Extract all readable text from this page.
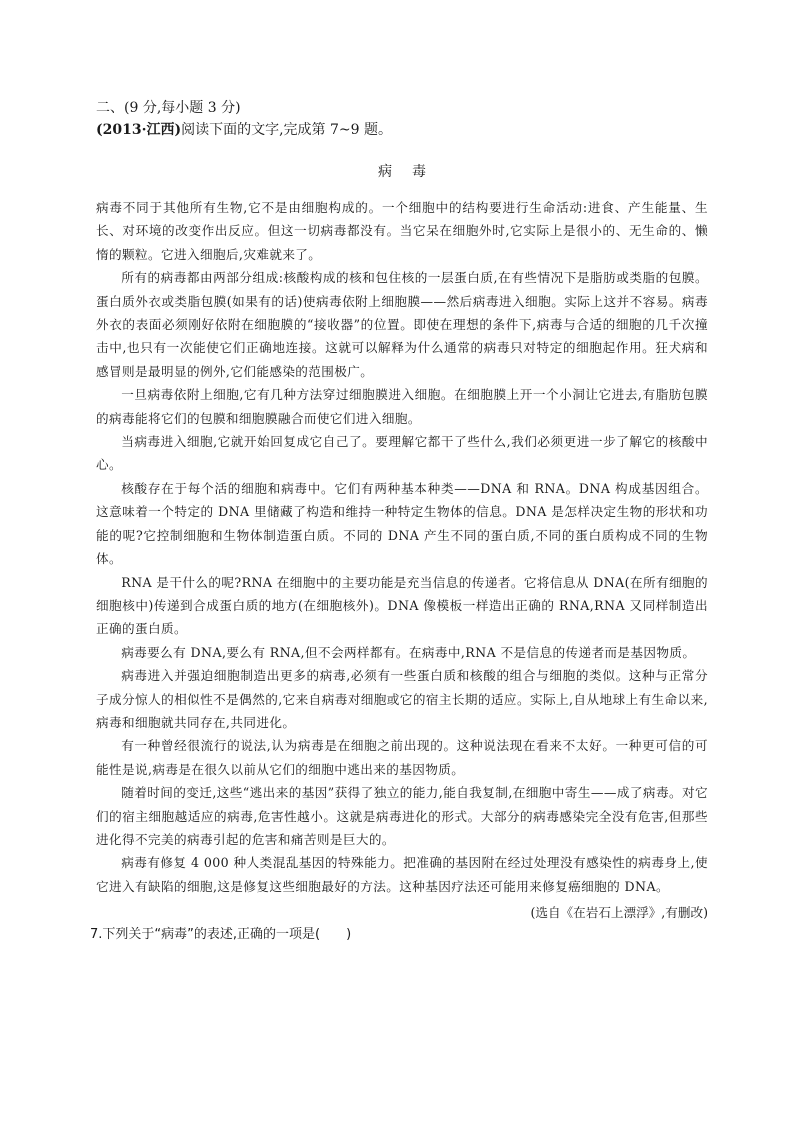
二、(9 分,每小题 3 分)

(2013·江西)阅读下面的文字,完成第 7~9 题。

病毒

病毒不同于其他所有生物,它不是由细胞构成的。一个细胞中的结构要进行生命活动:进食、产生能量、生长、对环境的改变作出反应。但这一切病毒都没有。当它呆在细胞外时,它实际上是很小的、无生命的、懒惰的颗粒。它进入细胞后,灾难就来了。

所有的病毒都由两部分组成:核酸构成的核和包住核的一层蛋白质,在有些情况下是脂肪或类脂的包膜。蛋白质外衣或类脂包膜(如果有的话)使病毒依附上细胞膜——然后病毒进入细胞。实际上这并不容易。病毒外衣的表面必须刚好依附在细胞膜的“接收器”的位置。即使在理想的条件下,病毒与合适的细胞的几千次撞击中,也只有一次能使它们正确地连接。这就可以解释为什么通常的病毒只对特定的细胞起作用。狂犬病和感冒则是最明显的例外,它们能感染的范围极广。

一旦病毒依附上细胞,它有几种方法穿过细胞膜进入细胞。在细胞膜上开一个小洞让它进去,有脂肪包膜的病毒能将它们的包膜和细胞膜融合而使它们进入细胞。

当病毒进入细胞,它就开始回复成它自己了。要理解它都干了些什么,我们必须更进一步了解它的核酸中心。

核酸存在于每个活的细胞和病毒中。它们有两种基本种类——DNA 和 RNA。DNA 构成基因组合。这意味着一个特定的 DNA 里储藏了构造和维持一种特定生物体的信息。DNA 是怎样决定生物的形状和功能的呢?它控制细胞和生物体制造蛋白质。不同的 DNA 产生不同的蛋白质,不同的蛋白质构成不同的生物体。

RNA 是干什么的呢?RNA 在细胞中的主要功能是充当信息的传递者。它将信息从 DNA(在所有细胞的细胞核中)传递到合成蛋白质的地方(在细胞核外)。DNA 像模板一样造出正确的 RNA,RNA 又同样制造出正确的蛋白质。

病毒要么有 DNA,要么有 RNA,但不会两样都有。在病毒中,RNA 不是信息的传递者而是基因物质。

病毒进入并强迫细胞制造出更多的病毒,必须有一些蛋白质和核酸的组合与细胞的类似。这种与正常分子成分惊人的相似性不是偶然的,它来自病毒对细胞或它的宿主长期的适应。实际上,自从地球上有生命以来,病毒和细胞就共同存在,共同进化。

有一种曾经很流行的说法,认为病毒是在细胞之前出现的。这种说法现在看来不太好。一种更可信的可能性是说,病毒是在很久以前从它们的细胞中逃出来的基因物质。

随着时间的变迁,这些“逃出来的基因”获得了独立的能力,能自我复制,在细胞中寄生——成了病毒。对它们的宿主细胞越适应的病毒,危害性越小。这就是病毒进化的形式。大部分的病毒感染完全没有危害,但那些进化得不完美的病毒引起的危害和痛苦则是巨大的。

病毒有修复 4 000 种人类混乱基因的特殊能力。把准确的基因附在经过处理没有感染性的病毒身上,使它进入有缺陷的细胞,这是修复这些细胞最好的方法。这种基因疗法还可能用来修复癌细胞的 DNA。

(选自《在岩石上漂浮》,有删改)

7.下列关于“病毒”的表述,正确的一项是(　　)
